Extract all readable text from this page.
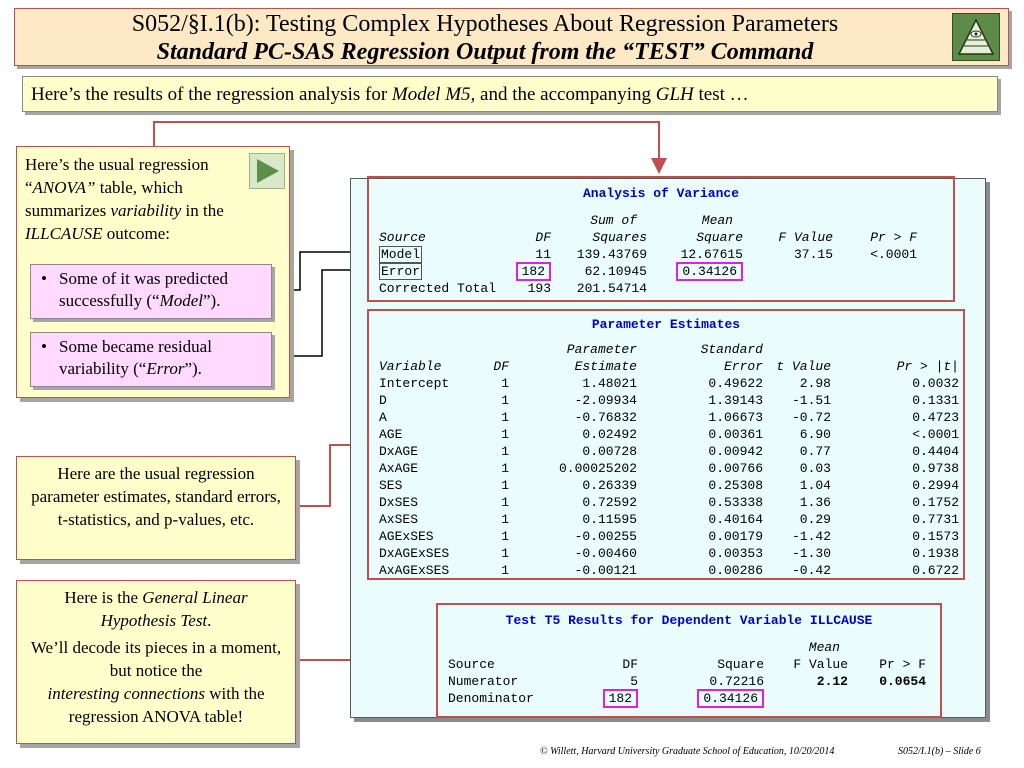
S052/§I.1(b): Testing Complex Hypotheses About Regression Parameters
Standard PC-SAS Regression Output from the “TEST” Command
Here’s the results of the regression analysis for Model M5, and the accompanying GLH test …
Here’s the usual regression
“ANOVA” table, which
summarizes variability in the
ILLCAUSE outcome:
• Some of it was predicted
successfully (“Model”).
• Some became residual
variability (“Error”).
Here are the usual regression parameter estimates, standard errors, t-statistics, and p-values, etc.
Here is the General Linear
Hypothesis Test.
We’ll decode its pieces in a moment, but notice the
interesting connections with the regression ANOVA table!
Analysis of Variance
		Sum of	Mean		
Source	DF	Squares	Square	F Value	Pr > F
Model	11	139.43769	12.67615	37.15	<.0001
Error	182	62.10945	0.34126		
Corrected Total	193	201.54714			
Parameter Estimates
		Parameter	Standard		
Variable	DF	Estimate	Error	t Value	Pr > |t|
Intercept	1	1.48021	0.49622	2.98	0.0032
D	1	-2.09934	1.39143	-1.51	0.1331
A	1	-0.76832	1.06673	-0.72	0.4723
AGE	1	0.02492	0.00361	6.90	<.0001
DxAGE	1	0.00728	0.00942	0.77	0.4404
AxAGE	1	0.00025202	0.00766	0.03	0.9738
SES	1	0.26339	0.25308	1.04	0.2994
DxSES	1	0.72592	0.53338	1.36	0.1752
AxSES	1	0.11595	0.40164	0.29	0.7731
AGExSES	1	-0.00255	0.00179	-1.42	0.1573
DxAGExSES	1	-0.00460	0.00353	-1.30	0.1938
AxAGExSES	1	-0.00121	0.00286	-0.42	0.6722
Test T5 Results for Dependent Variable ILLCAUSE
			Mean	
Source	DF	Square	F Value	Pr > F
Numerator	5	0.72216	2.12	0.0654
Denominator	182	0.34126		
© Willett, Harvard University Graduate School of Education, 10/20/2014	S052/I.1(b) – Slide 6
